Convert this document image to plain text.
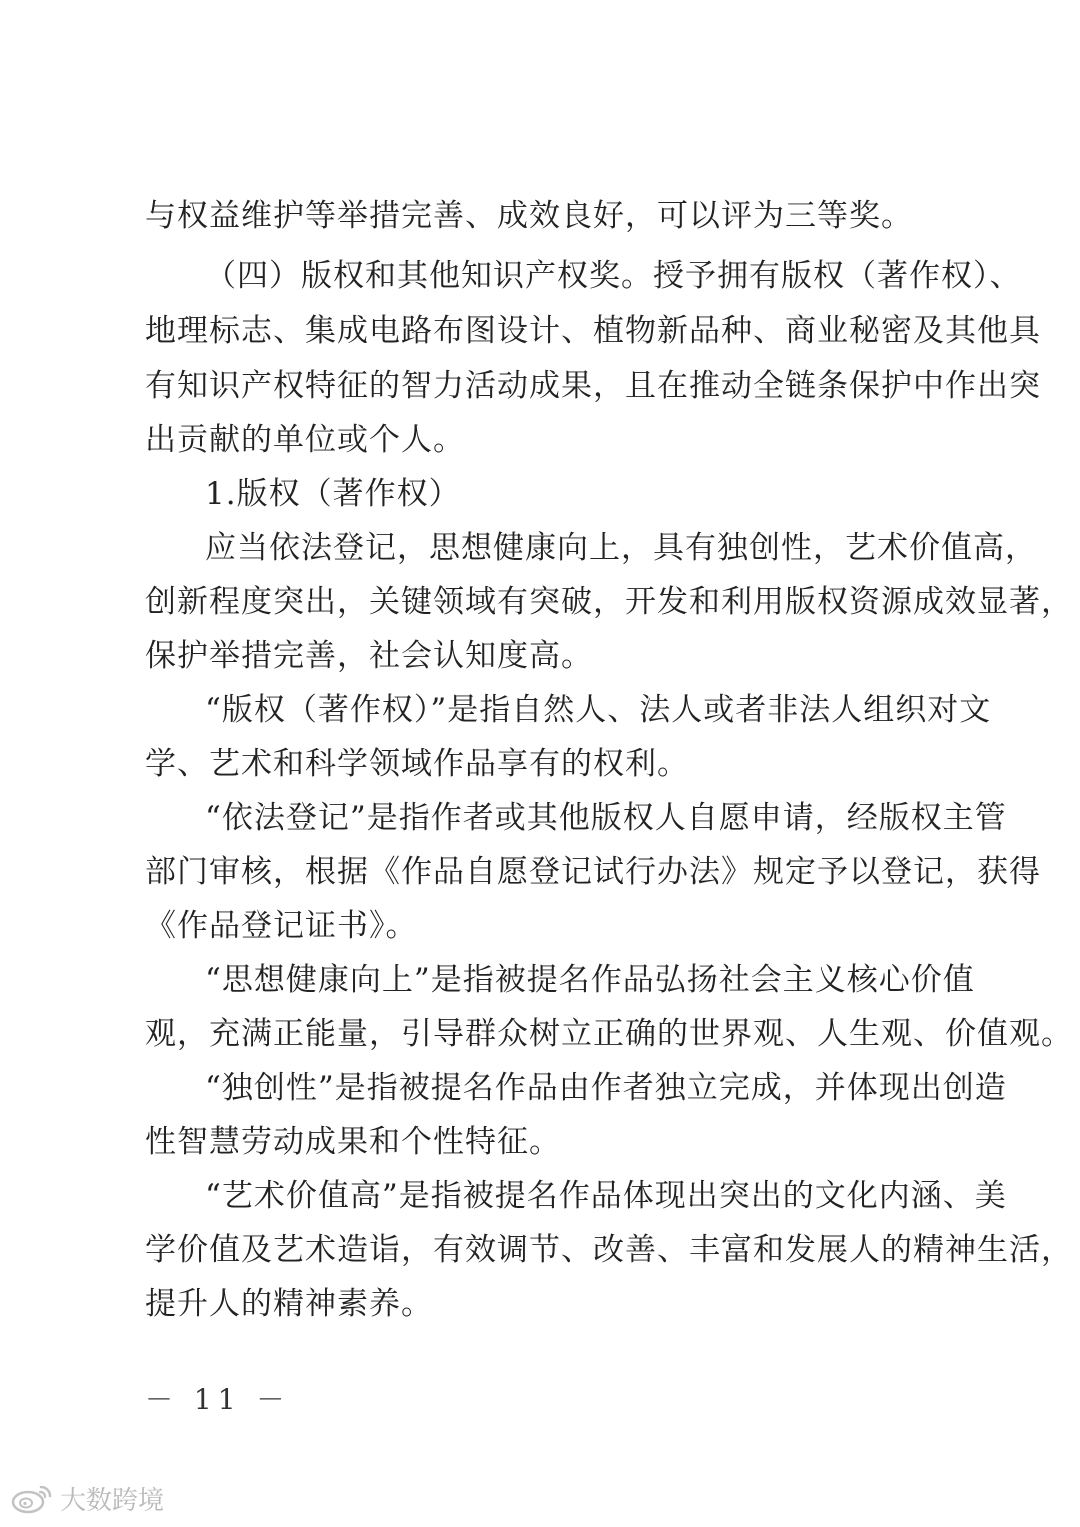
与权益维护等举措完善、成效良好，可以评为三等奖。
（四）版权和其他知识产权奖。授予拥有版权（著作权）、
地理标志、集成电路布图设计、植物新品种、商业秘密及其他具
有知识产权特征的智力活动成果，且在推动全链条保护中作出突
出贡献的单位或个人。
1.版权（著作权）
应当依法登记，思想健康向上，具有独创性，艺术价值高，
创新程度突出，关键领域有突破，开发和利用版权资源成效显著，
保护举措完善，社会认知度高。
“版权（著作权）”是指自然人、法人或者非法人组织对文
学、艺术和科学领域作品享有的权利。
“依法登记”是指作者或其他版权人自愿申请，经版权主管
部门审核，根据《作品自愿登记试行办法》规定予以登记，获得
《作品登记证书》。
“思想健康向上”是指被提名作品弘扬社会主义核心价值
观，充满正能量，引导群众树立正确的世界观、人生观、价值观。
“独创性”是指被提名作品由作者独立完成，并体现出创造
性智慧劳动成果和个性特征。
“艺术价值高”是指被提名作品体现出突出的文化内涵、美
学价值及艺术造诣，有效调节、改善、丰富和发展人的精神生活，
提升人的精神素养。
－ 11 －
大数跨境
